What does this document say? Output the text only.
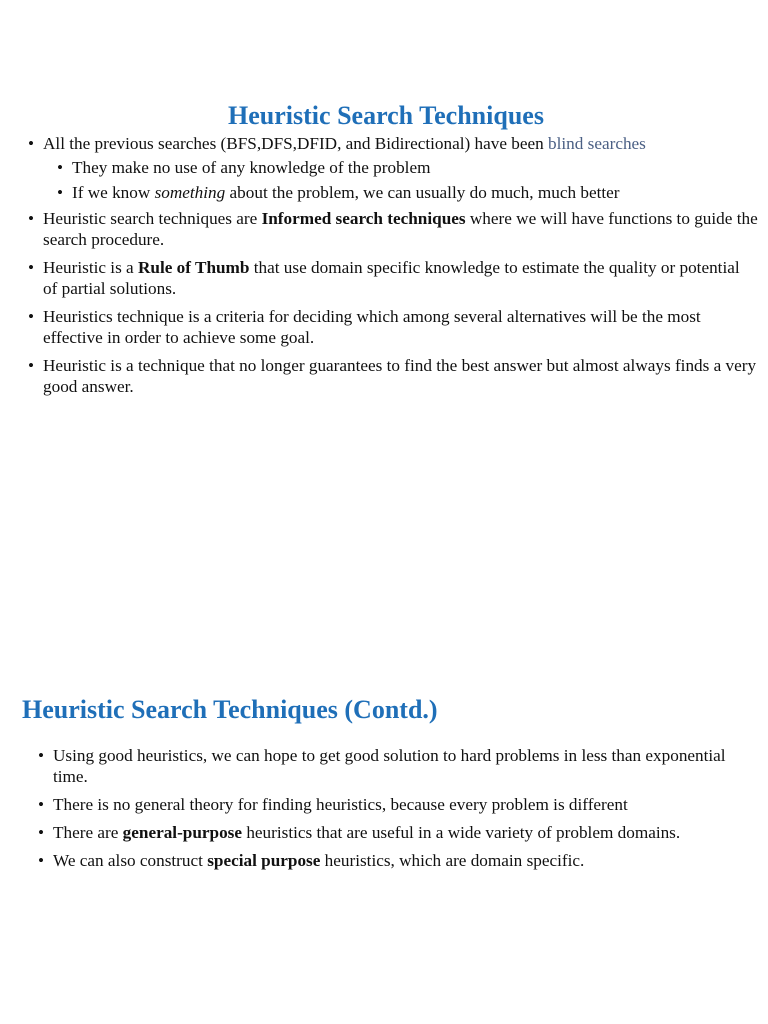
Heuristic Search Techniques
• All the previous searches (BFS,DFS,DFID, and Bidirectional) have been blind searches
• They make no use of any knowledge of the problem
• If we know something about the problem, we can usually do much, much better
• Heuristic search techniques are Informed search techniques where we will have functions to guide the search procedure.
• Heuristic is a Rule of Thumb that use domain specific knowledge to estimate the quality or potential of partial solutions.
• Heuristics technique is a criteria for deciding which among several alternatives will be the most effective in order to achieve some goal.
• Heuristic is a technique that no longer guarantees to find the best answer but almost always finds a very good answer.
Heuristic Search Techniques (Contd.)
• Using good heuristics, we can hope to get good solution to hard problems in less than exponential time.
• There is no general theory for finding heuristics, because every problem is different
• There are general-purpose heuristics that are useful in a wide variety of problem domains.
• We can also construct special purpose heuristics, which are domain specific.
